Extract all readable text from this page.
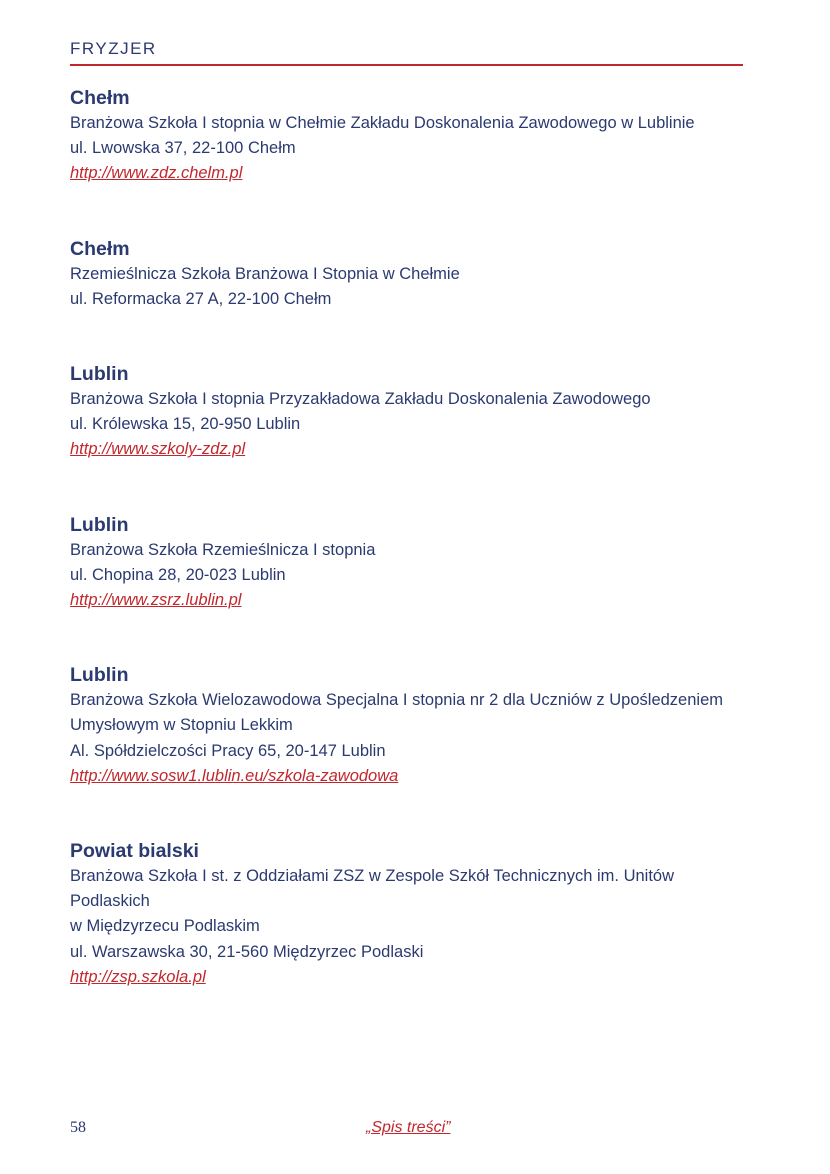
FRYZJER
Chełm
Branżowa Szkoła I stopnia w Chełmie Zakładu Doskonalenia Zawodowego w Lublinie
ul. Lwowska 37, 22-100 Chełm
http://www.zdz.chelm.pl
Chełm
Rzemieślnicza Szkoła Branżowa I Stopnia w Chełmie
ul. Reformacka 27 A, 22-100 Chełm
Lublin
Branżowa Szkoła I stopnia Przyzakładowa Zakładu Doskonalenia Zawodowego
ul. Królewska 15, 20-950 Lublin
http://www.szkoly-zdz.pl
Lublin
Branżowa Szkoła Rzemieślnicza I stopnia
ul. Chopina 28, 20-023 Lublin
http://www.zsrz.lublin.pl
Lublin
Branżowa Szkoła Wielozawodowa Specjalna I stopnia nr 2 dla Uczniów z Upośledzeniem
Umysłowym w Stopniu Lekkim
Al. Spółdzielczości Pracy 65, 20-147 Lublin
http://www.sosw1.lublin.eu/szkola-zawodowa
Powiat bialski
Branżowa Szkoła I st. z Oddziałami ZSZ w Zespole Szkół Technicznych im. Unitów Podlaskich
w Międzyrzecu Podlaskim
ul. Warszawska 30, 21-560 Międzyrzec Podlaski
http://zsp.szkola.pl
58	„Spis treści”
